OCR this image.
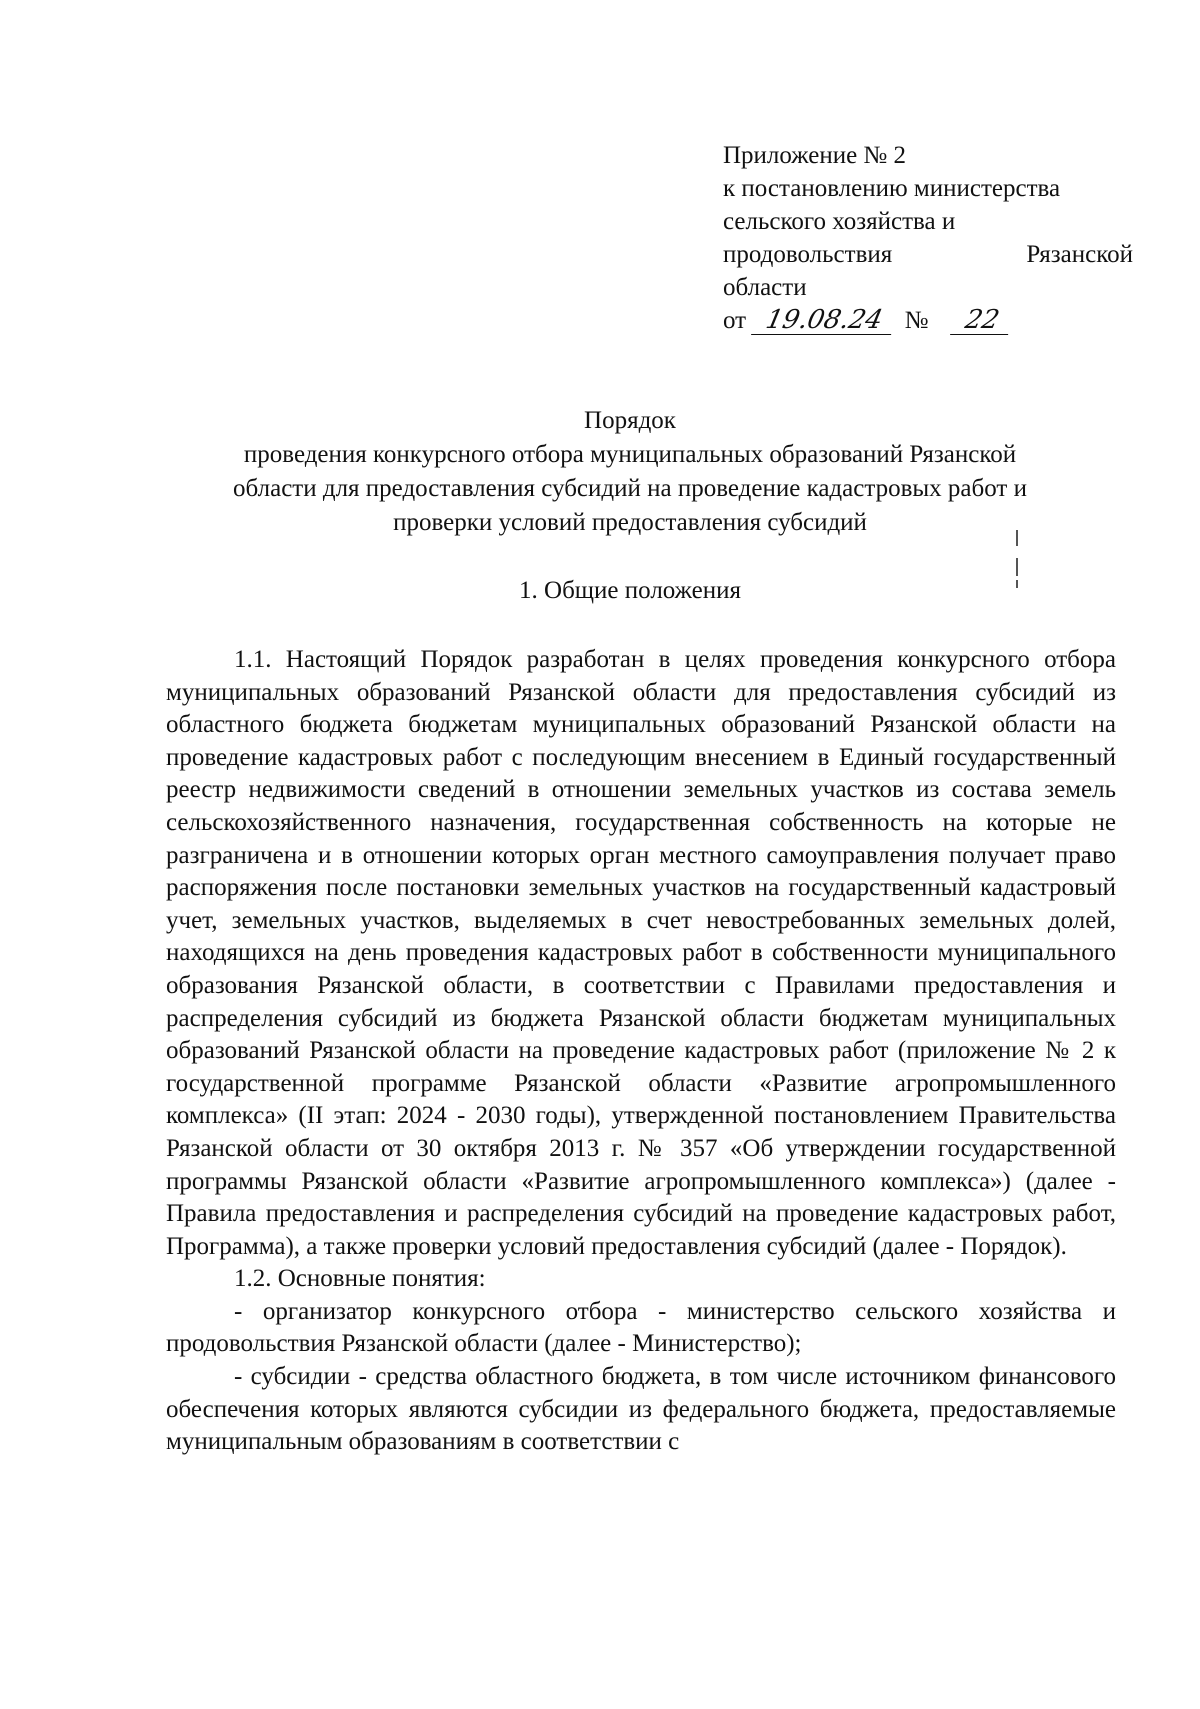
Приложение № 2
к постановлению министерства
сельского хозяйства и
продовольствия	Рязанской
области
от 19.08.24 № 22
Порядок
проведения конкурсного отбора муниципальных образований Рязанской
области для предоставления субсидий на проведение кадастровых работ и
проверки условий предоставления субсидий
1. Общие положения

1.1. Настоящий Порядок разработан в целях проведения конкурсного отбора муниципальных образований Рязанской области для предоставления субсидий из областного бюджета бюджетам муниципальных образований Рязанской области на проведение кадастровых работ с последующим внесением в Единый государственный реестр недвижимости сведений в отношении земельных участков из состава земель сельскохозяйственного назначения, государственная собственность на которые не разграничена и в отношении которых орган местного самоуправления получает право распоряжения после постановки земельных участков на государственный кадастровый учет, земельных участков, выделяемых в счет невостребованных земельных долей, находящихся на день проведения кадастровых работ в собственности муниципального образования Рязанской области, в соответствии с Правилами предоставления и распределения субсидий из бюджета Рязанской области бюджетам муниципальных образований Рязанской области на проведение кадастровых работ (приложение № 2 к государственной программе Рязанской области «Развитие агропромышленного комплекса» (II этап: 2024 - 2030 годы), утвержденной постановлением Правительства Рязанской области от 30 октября 2013 г. № 357 «Об утверждении государственной программы Рязанской области «Развитие агропромышленного комплекса») (далее - Правила предоставления и распределения субсидий на проведение кадастровых работ, Программа), а также проверки условий предоставления субсидий (далее - Порядок).

1.2. Основные понятия:

- организатор конкурсного отбора - министерство сельского хозяйства и продовольствия Рязанской области (далее - Министерство);

- субсидии - средства областного бюджета, в том числе источником финансового обеспечения которых являются субсидии из федерального бюджета, предоставляемые муниципальным образованиям в соответствии с
